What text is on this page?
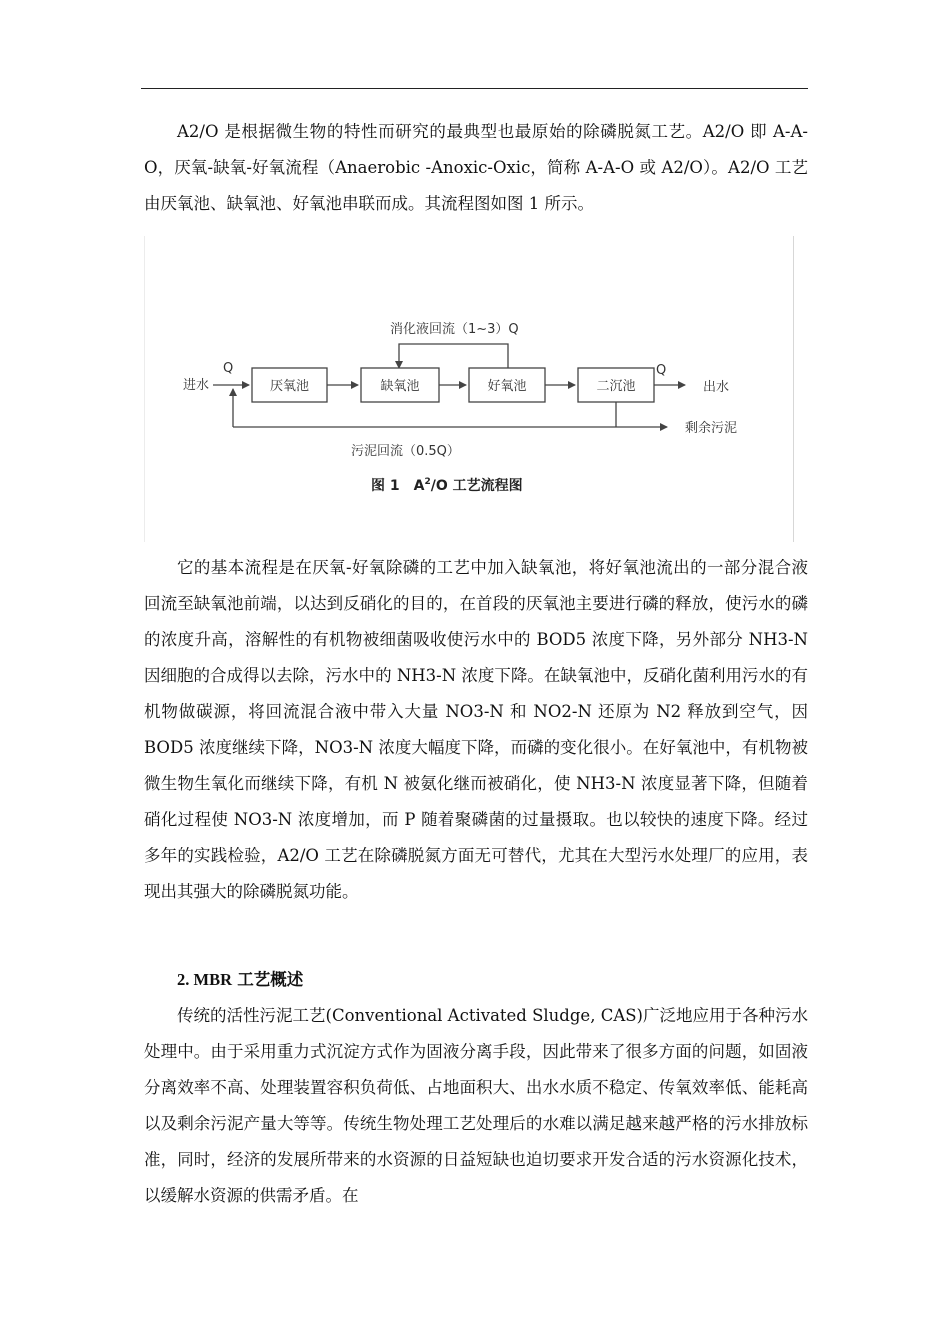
A2/O 是根据微生物的特性而研究的最典型也最原始的除磷脱氮工艺。A2/O 即 A-A-O，厌氧-缺氧-好氧流程（Anaerobic -Anoxic-Oxic，简称 A-A-O 或 A2/O）。A2/O 工艺由厌氧池、缺氧池、好氧池串联而成。其流程图如图 1 所示。

消化液回流（1~3）Q
进水
Q
厌氧池	缺氧池	好氧池	二沉池
Q
出水
剩余污泥
污泥回流（0.5Q）
图 1 $A^2/O$ 工艺流程图

它的基本流程是在厌氧-好氧除磷的工艺中加入缺氧池，将好氧池流出的一部分混合液回流至缺氧池前端，以达到反硝化的目的，在首段的厌氧池主要进行磷的释放，使污水的磷的浓度升高，溶解性的有机物被细菌吸收使污水中的 BOD5 浓度下降，另外部分 NH3-N 因细胞的合成得以去除，污水中的 NH3-N 浓度下降。在缺氧池中，反硝化菌利用污水的有机物做碳源，将回流混合液中带入大量 NO3-N 和 NO2-N 还原为 N2 释放到空气，因 BOD5 浓度继续下降，NO3-N 浓度大幅度下降，而磷的变化很小。在好氧池中，有机物被微生物生氧化而继续下降，有机 N 被氨化继而被硝化，使 NH3-N 浓度显著下降，但随着硝化过程使 NO3-N 浓度增加，而 P 随着聚磷菌的过量摄取。也以较快的速度下降。经过多年的实践检验，A2/O 工艺在除磷脱氮方面无可替代，尤其在大型污水处理厂的应用，表现出其强大的除磷脱氮功能。

2. MBR 工艺概述

传统的活性污泥工艺(Conventional Activated Sludge, CAS)广泛地应用于各种污水处理中。由于采用重力式沉淀方式作为固液分离手段，因此带来了很多方面的问题，如固液分离效率不高、处理装置容积负荷低、占地面积大、出水水质不稳定、传氧效率低、能耗高以及剩余污泥产量大等等。传统生物处理工艺处理后的水难以满足越来越严格的污水排放标准，同时，经济的发展所带来的水资源的日益短缺也迫切要求开发合适的污水资源化技术，以缓解水资源的供需矛盾。在
